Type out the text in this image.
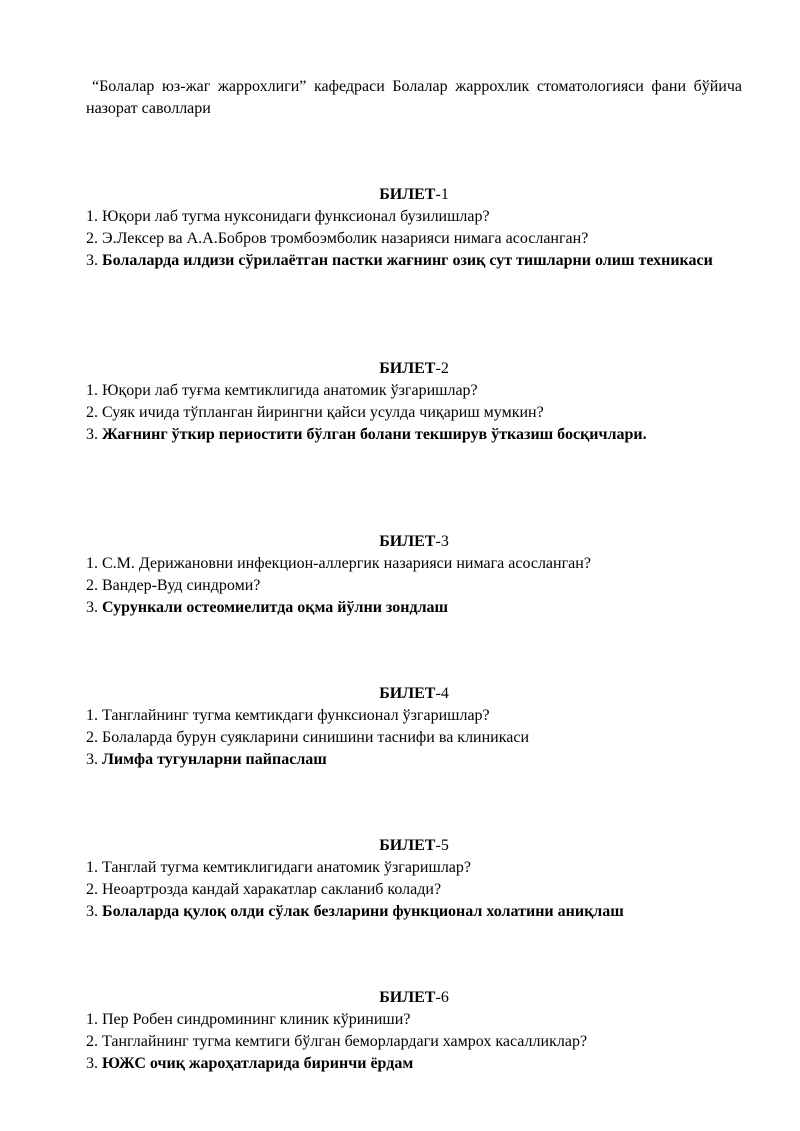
“Болалар юз-жаг жаррохлиги” кафедраси Болалар жаррохлик стоматологияси фани бўйича назорат саволлари
БИЛЕТ-1
1. Юқори лаб тугма нуксонидаги функсионал бузилишлар?
2. Э.Лексер ва А.А.Бобров тромбоэмболик назарияси нимага асосланган?
3. Болаларда илдизи сўрилаётган пастки жағнинг озиқ сут тишларни олиш техникаси
БИЛЕТ-2
1. Юқори лаб туғма кемтиклигида анатомик ўзгаришлар?
2. Суяк ичида тўпланган йирингни қайси усулда чиқариш мумкин?
3. Жағнинг ўткир периостити бўлган болани текширув ўтказиш босқичлари.
БИЛЕТ-3
1. С.М. Дерижановни инфекцион-аллергик назарияси нимага асосланган?
2. Вандер-Вуд синдроми?
3. Сурункали остеомиелитда оқма йўлни зондлаш
БИЛЕТ-4
1. Танглайнинг тугма кемтикдаги функсионал ўзгаришлар?
2. Болаларда бурун суякларини синишини таснифи ва клиникаси
3. Лимфа тугунларни пайпаслаш
БИЛЕТ-5
1. Танглай тугма кемтиклигидаги анатомик ўзгаришлар?
2. Неоартрозда кандай харакатлар сакланиб колади?
3. Болаларда қулоқ олди сўлак безларини функционал холатини аниқлаш
БИЛЕТ-6
1. Пер Робен синдромининг клиник кўриниши?
2. Танглайнинг тугма кемтиги бўлган беморлардаги хамрох касалликлар?
3. ЮЖС очиқ жароҳатларида биринчи ёрдам
